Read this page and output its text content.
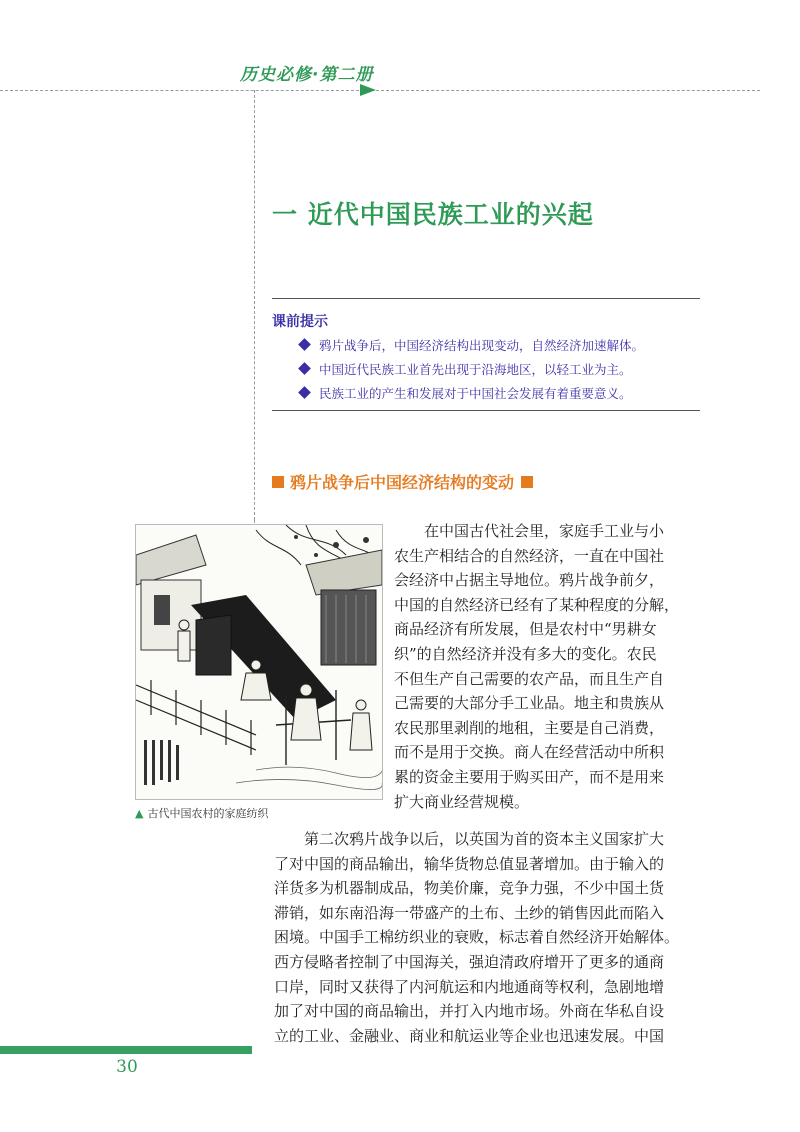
历史必修·第二册
一 近代中国民族工业的兴起
课前提示
鸦片战争后，中国经济结构出现变动，自然经济加速解体。
中国近代民族工业首先出现于沿海地区，以轻工业为主。
民族工业的产生和发展对于中国社会发展有着重要意义。
鸦片战争后中国经济结构的变动
▲ 古代中国农村的家庭纺织
　　在中国古代社会里，家庭手工业与小
农生产相结合的自然经济，一直在中国社
会经济中占据主导地位。鸦片战争前夕，
中国的自然经济已经有了某种程度的分解，
商品经济有所发展，但是农村中“男耕女
织”的自然经济并没有多大的变化。农民
不但生产自己需要的农产品，而且生产自
己需要的大部分手工业品。地主和贵族从
农民那里剥削的地租，主要是自己消费，
而不是用于交换。商人在经营活动中所积
累的资金主要用于购买田产，而不是用来
扩大商业经营规模。
　　第二次鸦片战争以后，以英国为首的资本主义国家扩大
了对中国的商品输出，输华货物总值显著增加。由于输入的
洋货多为机器制成品，物美价廉，竞争力强，不少中国土货
滞销，如东南沿海一带盛产的土布、土纱的销售因此而陷入
困境。中国手工棉纺织业的衰败，标志着自然经济开始解体。
西方侵略者控制了中国海关，强迫清政府增开了更多的通商
口岸，同时又获得了内河航运和内地通商等权利，急剧地增
加了对中国的商品输出，并打入内地市场。外商在华私自设
立的工业、金融业、商业和航运业等企业也迅速发展。中国
30
